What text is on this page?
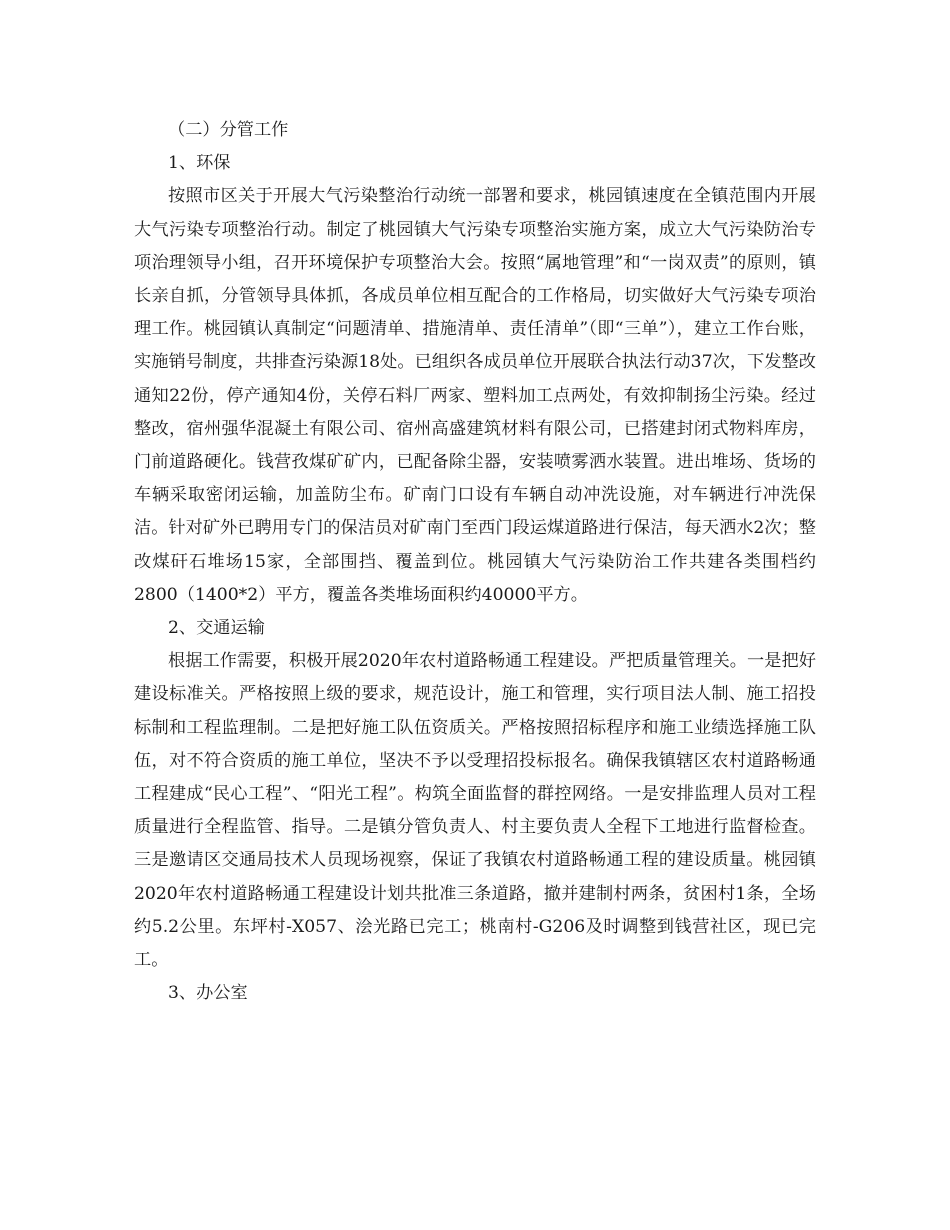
（二）分管工作

1、环保

按照市区关于开展大气污染整治行动统一部署和要求，桃园镇速度在全镇范围内开展大气污染专项整治行动。制定了桃园镇大气污染专项整治实施方案，成立大气污染防治专项治理领导小组，召开环境保护专项整治大会。按照“属地管理”和“一岗双责”的原则，镇长亲自抓，分管领导具体抓，各成员单位相互配合的工作格局，切实做好大气污染专项治理工作。桃园镇认真制定“问题清单、措施清单、责任清单”（即“三单”），建立工作台账，实施销号制度，共排查污染源18处。已组织各成员单位开展联合执法行动37次，下发整改通知22份，停产通知4份，关停石料厂两家、塑料加工点两处，有效抑制扬尘污染。经过整改，宿州强华混凝土有限公司、宿州高盛建筑材料有限公司，已搭建封闭式物料库房，门前道路硬化。钱营孜煤矿矿内，已配备除尘器，安装喷雾洒水装置。进出堆场、货场的车辆采取密闭运输，加盖防尘布。矿南门口设有车辆自动冲洗设施，对车辆进行冲洗保洁。针对矿外已聘用专门的保洁员对矿南门至西门段运煤道路进行保洁，每天洒水2次；整改煤矸石堆场15家，全部围挡、覆盖到位。桃园镇大气污染防治工作共建各类围档约2800（1400*2）平方，覆盖各类堆场面积约40000平方。

2、交通运输

根据工作需要，积极开展2020年农村道路畅通工程建设。严把质量管理关。一是把好建设标准关。严格按照上级的要求，规范设计，施工和管理，实行项目法人制、施工招投标制和工程监理制。二是把好施工队伍资质关。严格按照招标程序和施工业绩选择施工队伍，对不符合资质的施工单位，坚决不予以受理招投标报名。确保我镇辖区农村道路畅通工程建成“民心工程”、“阳光工程”。构筑全面监督的群控网络。一是安排监理人员对工程质量进行全程监管、指导。二是镇分管负责人、村主要负责人全程下工地进行监督检查。三是邀请区交通局技术人员现场视察，保证了我镇农村道路畅通工程的建设质量。桃园镇2020年农村道路畅通工程建设计划共批准三条道路，撤并建制村两条，贫困村1条，全场约5.2公里。东坪村-X057、浍光路已完工；桃南村-G206及时调整到钱营社区，现已完工。

3、办公室
